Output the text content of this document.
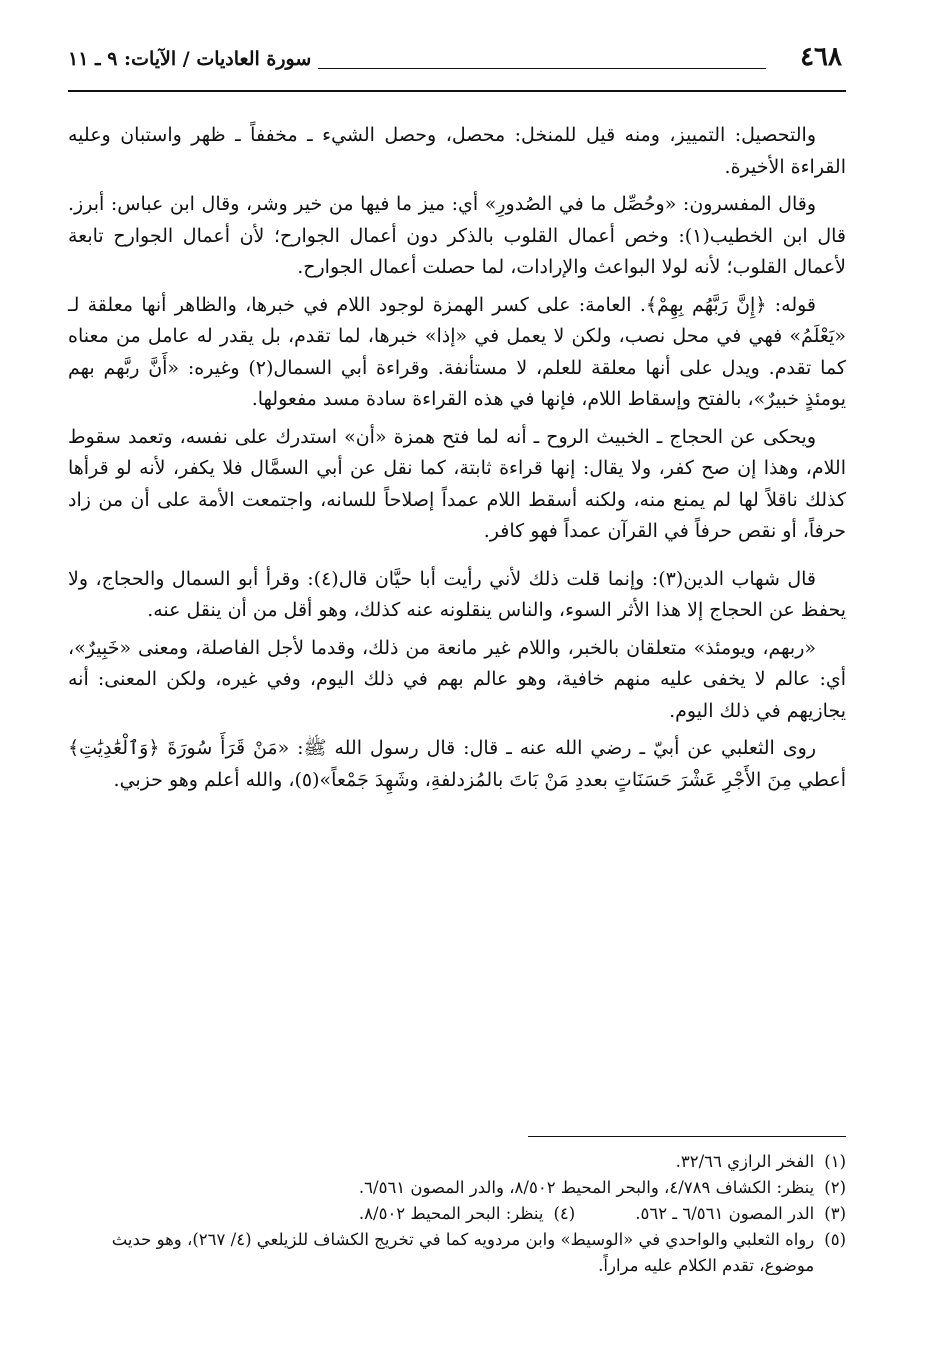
٤٦٨
سورة العاديات / الآيات: ٩ ـ ١١

والتحصيل: التمييز، ومنه قيل للمنخل: محصل، وحصل الشيء ـ مخففاً ـ ظهر واستبان وعليه القراءة الأخيرة.

وقال المفسرون: «وحُصِّل ما في الصُدورِ» أي: ميز ما فيها من خير وشر، وقال ابن عباس: أبرز. قال ابن الخطيب(١): وخص أعمال القلوب بالذكر دون أعمال الجوارح؛ لأن أعمال الجوارح تابعة لأعمال القلوب؛ لأنه لولا البواعث والإرادات، لما حصلت أعمال الجوارح.

قوله: ﴿إِنَّ رَبَّهُم بِهِمْ﴾. العامة: على كسر الهمزة لوجود اللام في خبرها، والظاهر أنها معلقة لـ «يَعْلَمُ» فهي في محل نصب، ولكن لا يعمل في «إذا» خبرها، لما تقدم، بل يقدر له عامل من معناه كما تقدم. ويدل على أنها معلقة للعلم، لا مستأنفة. وقراءة أبي السمال(٢) وغيره: «أَنَّ ربَّهم بهم يومئذٍ خبيرٌ»، بالفتح وإسقاط اللام، فإنها في هذه القراءة سادة مسد مفعولها.

ويحكى عن الحجاج ـ الخبيث الروح ـ أنه لما فتح همزة «أن» استدرك على نفسه، وتعمد سقوط اللام، وهذا إن صح كفر، ولا يقال: إنها قراءة ثابتة، كما نقل عن أبي السمَّال فلا يكفر، لأنه لو قرأها كذلك ناقلاً لها لم يمنع منه، ولكنه أسقط اللام عمداً إصلاحاً للسانه، واجتمعت الأمة على أن من زاد حرفاً، أو نقص حرفاً في القرآن عمداً فهو كافر.

قال شهاب الدين(٣): وإنما قلت ذلك لأني رأيت أبا حيَّان قال(٤): وقرأ أبو السمال والحجاج، ولا يحفظ عن الحجاج إلا هذا الأثر السوء، والناس ينقلونه عنه كذلك، وهو أقل من أن ينقل عنه.

«ربهم، ويومئذ» متعلقان بالخبر، واللام غير مانعة من ذلك، وقدما لأجل الفاصلة، ومعنى «خَبِيرٌ»، أي: عالم لا يخفى عليه منهم خافية، وهو عالم بهم في ذلك اليوم، وفي غيره، ولكن المعنى: أنه يجازيهم في ذلك اليوم.

روى الثعلبي عن أبيّ ـ رضي الله عنه ـ قال: قال رسول الله ﷺ: «مَنْ قَرَأَ سُورَةَ ﴿وَٱلْعَٰدِيَٰتِ﴾ أعطي مِنَ الأَجْرِ عَشْرَ حَسَنَاتٍ بعددِ مَنْ بَاتَ بالمُزدلفةِ، وشَهِدَ جَمْعاً»(٥)، والله أعلم وهو حزبي.

(١)
الفخر الرازي ٣٢/٦٦.
(٢)
ينظر: الكشاف ٤/٧٨٩، والبحر المحيط ٨/٥٠٢، والدر المصون ٦/٥٦١.
(٣)
الدر المصون ٦/٥٦١ ـ ٥٦٢.
(٤)
ينظر: البحر المحيط ٨/٥٠٢.
(٥)
رواه الثعلبي والواحدي في «الوسيط» وابن مردويه كما في تخريج الكشاف للزيلعي (٤/ ٢٦٧)، وهو حديث موضوع، تقدم الكلام عليه مراراً.
